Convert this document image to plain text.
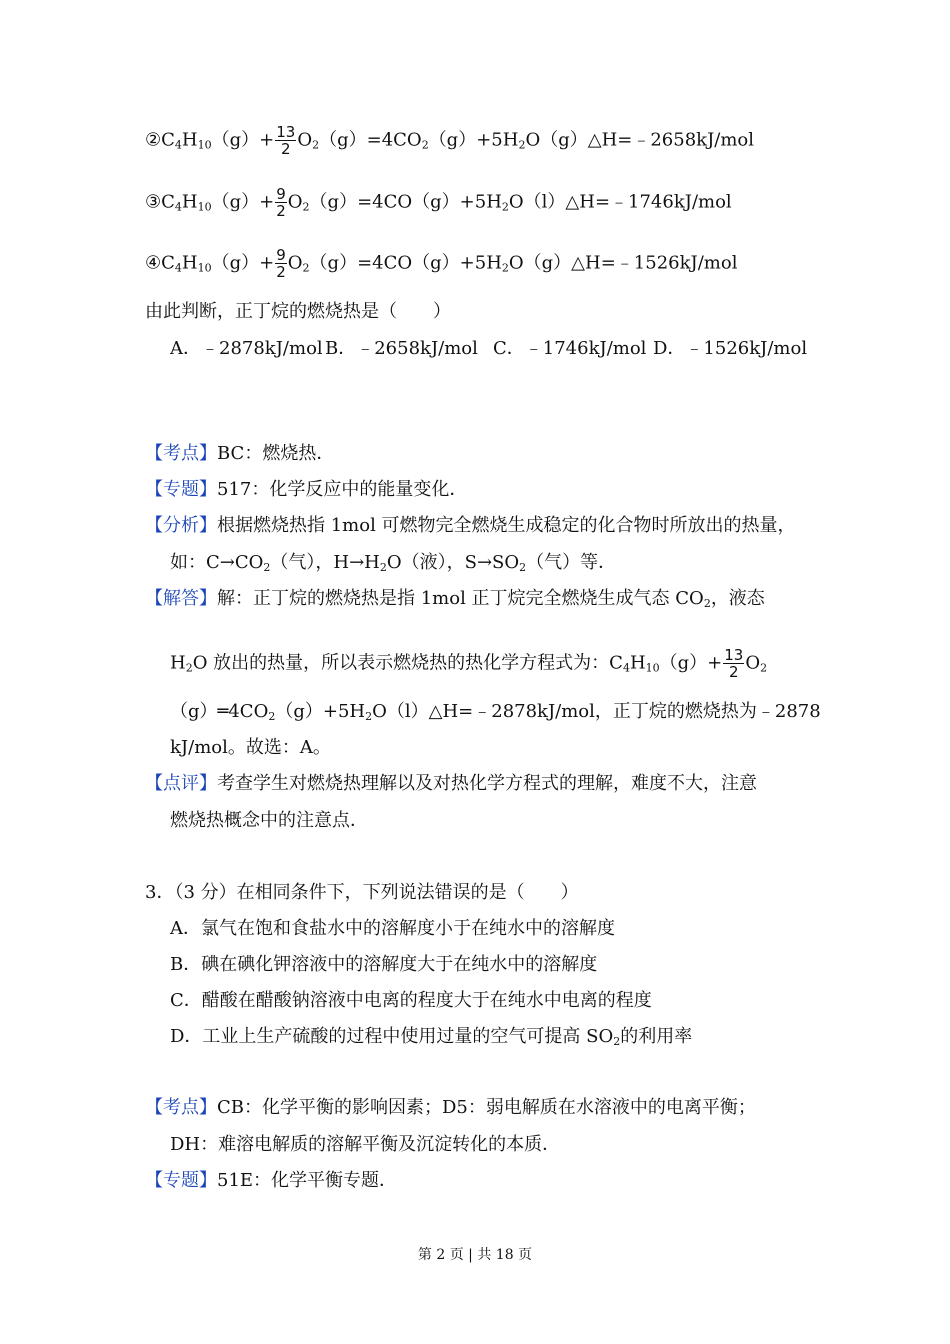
$②C_4H_{10}(g)+ \frac{13}{2}$ $O_2(g)=4CO_2(g)+5H_2O(g)\triangle H=﹣2658kJ$/mol
$③C_4H_{10}(g)+ \frac{9}{2}$ $O_2(g)=4CO(g)+5H_2O(l)\triangle H=﹣1746kJ$/mol
$④C_4H_{10}(g)+ \frac{9}{2}$ $O_2(g)=4CO(g)+5H_2O(g)\triangle H=﹣1526kJ$/mol
由此判断，正丁烷的燃烧热是（　　）
A．﹣2878kJ/mol B．﹣2658kJ/mol C．﹣1746kJ/mol D．﹣1526kJ/mol
【考点】BC：燃烧热．
【专题】517：化学反应中的能量变化．
【分析】根据燃烧热指 1mol 可燃物完全燃烧生成稳定的化合物时所放出的热量，
如：$C\to CO_2$（气），$H\to H_2O$（液），$S\to SO_2$（气）等．
【解答】解：正丁烷的燃烧热是指 1mol 正丁烷完全燃烧生成气态 $CO_2$，液态
$H_2O$ 放出的热量，所以表示燃烧热的热化学方程式为：$C_4H_{10}(g)+ \frac{13}{2} O_2$
$(g)═4CO_2(g)+5H_2O(l)\triangle H=﹣2878kJ$/mol，正丁烷的燃烧热为﹣2878
kJ/mol。故选：A。
【点评】考查学生对燃烧热理解以及对热化学方程式的理解，难度不大，注意
燃烧热概念中的注意点．
3．（3 分）在相同条件下，下列说法错误的是（　　）
A．氯气在饱和食盐水中的溶解度小于在纯水中的溶解度
B．碘在碘化钾溶液中的溶解度大于在纯水中的溶解度
C．醋酸在醋酸钠溶液中电离的程度大于在纯水中电离的程度
D．工业上生产硫酸的过程中使用过量的空气可提高 $SO_2$的利用率
【考点】CB：化学平衡的影响因素；D5：弱电解质在水溶液中的电离平衡；
DH：难溶电解质的溶解平衡及沉淀转化的本质．
【专题】51E：化学平衡专题．
第 2 页 | 共 18 页
